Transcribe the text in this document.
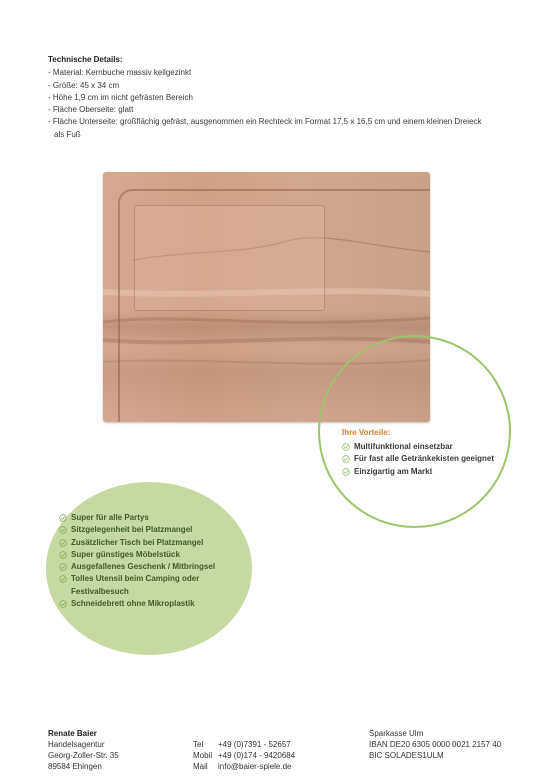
Technische Details:
- Material: Kernbuche massiv keilgezinkt
- Größe: 45 x 34 cm
- Höhe 1,9 cm im nicht gefrästen Bereich
- Fläche Oberseite: glatt
- Fläche Unterseite: großflächig gefräst, ausgenommen ein Rechteck im Format 17,5 x 16,5 cm und einem kleinen Dreieck
als Fuß
Ihre Vorteile:
Multifunktional einsetzbar
Für fast alle Getränkekisten geeignet
Einzigartig am Markt
Super für alle Partys
Sitzgelegenheit bei Platzmangel
Zusätzlicher Tisch bei Platzmangel
Super günstiges Möbelstück
Ausgefallenes Geschenk / Mitbringsel
Tolles Utensil beim Camping oder
Festivalbesuch
Schneidebrett ohne Mikroplastik
Renate Baier
Handelsagentur
Georg-Zoller-Str. 35
89584 Ehingen
Tel	+49 (0)7391 - 52657
Mobil +49 (0)174 - 9420684
Mail	info@baier-spiele.de
Sparkasse Ulm
IBAN DE20 6305 0000 0021 2157 40
BIC SOLADES1ULM
